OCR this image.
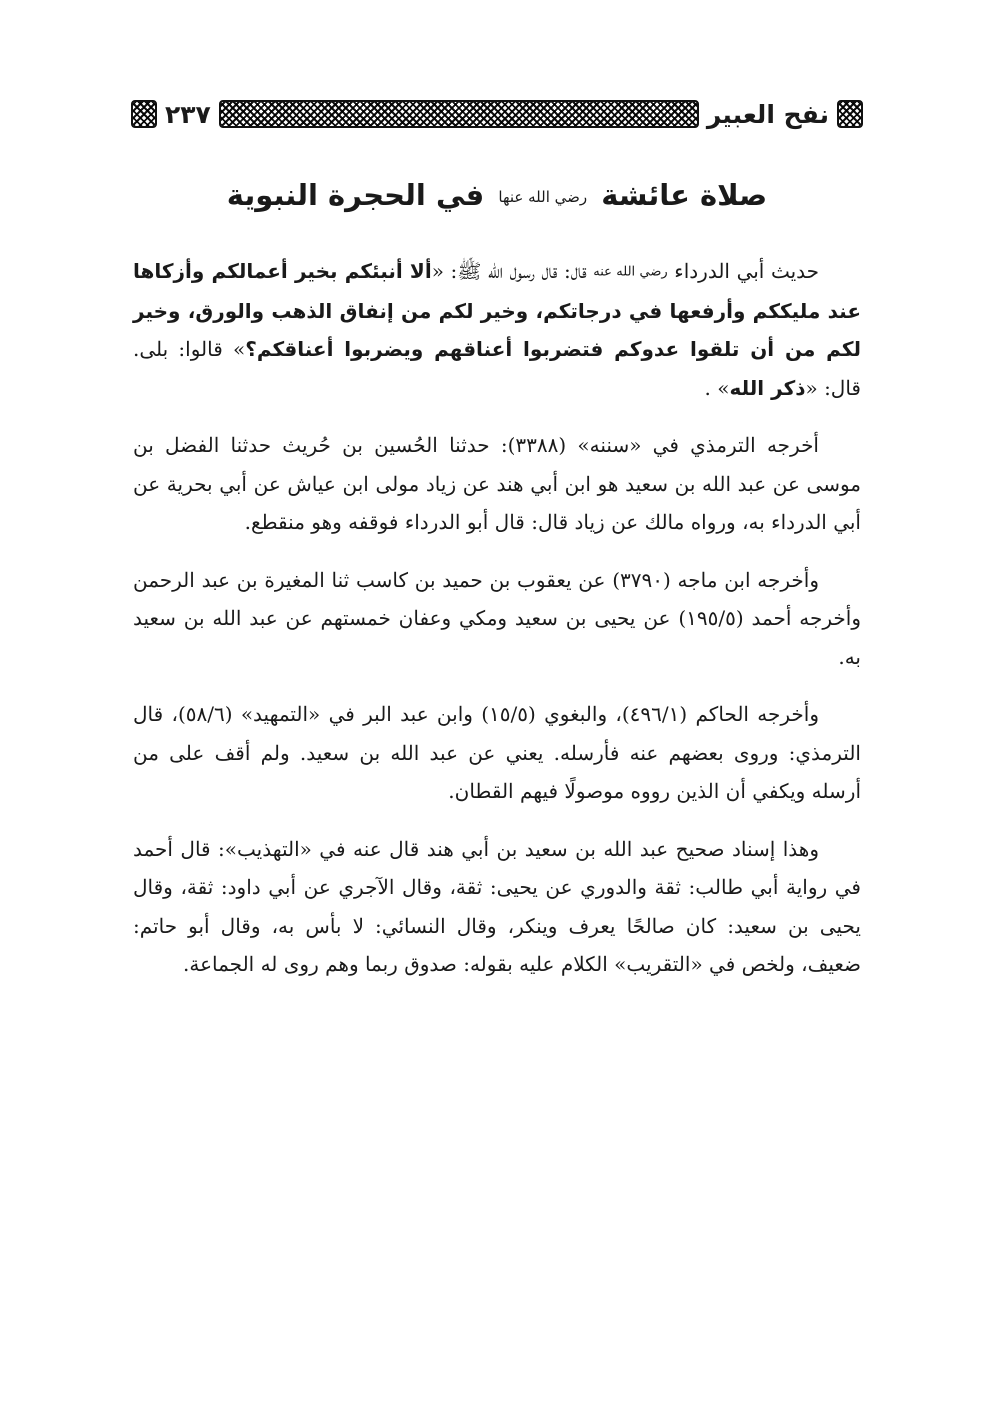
نفح العبير
٢٣٧
صلاة عائشة رضي الله عنها في الحجرة النبوية

حديث أبي الدرداء رضي الله عنه قال: قال رسول الله ﷺ: «ألا أنبئكم بخير أعمالكم وأزكاها عند مليككم وأرفعها في درجاتكم، وخير لكم من إنفاق الذهب والورق، وخير لكم من أن تلقوا عدوكم فتضربوا أعناقهم ويضربوا أعناقكم؟» قالوا: بلى. قال: «ذكر الله» .

أخرجه الترمذي في «سننه» (٣٣٨٨): حدثنا الحُسين بن حُريث حدثنا الفضل بن موسى عن عبد الله بن سعيد هو ابن أبي هند عن زياد مولى ابن عياش عن أبي بحرية عن أبي الدرداء به، ورواه مالك عن زياد قال: قال أبو الدرداء فوقفه وهو منقطع.

وأخرجه ابن ماجه (٣٧٩٠) عن يعقوب بن حميد بن كاسب ثنا المغيرة بن عبد الرحمن وأخرجه أحمد (١٩٥/٥) عن يحيى بن سعيد ومكي وعفان خمستهم عن عبد الله بن سعيد به.

وأخرجه الحاكم (٤٩٦/١)، والبغوي (١٥/٥) وابن عبد البر في «التمهيد» (٥٨/٦)، قال الترمذي: وروى بعضهم عنه فأرسله. يعني عن عبد الله بن سعيد. ولم أقف على من أرسله ويكفي أن الذين رووه موصولًا فيهم القطان.

وهذا إسناد صحيح عبد الله بن سعيد بن أبي هند قال عنه في «التهذيب»: قال أحمد في رواية أبي طالب: ثقة والدوري عن يحيى: ثقة، وقال الآجري عن أبي داود: ثقة، وقال يحيى بن سعيد: كان صالحًا يعرف وينكر، وقال النسائي: لا بأس به، وقال أبو حاتم: ضعيف، ولخص في «التقريب» الكلام عليه بقوله: صدوق ربما وهم روى له الجماعة.
